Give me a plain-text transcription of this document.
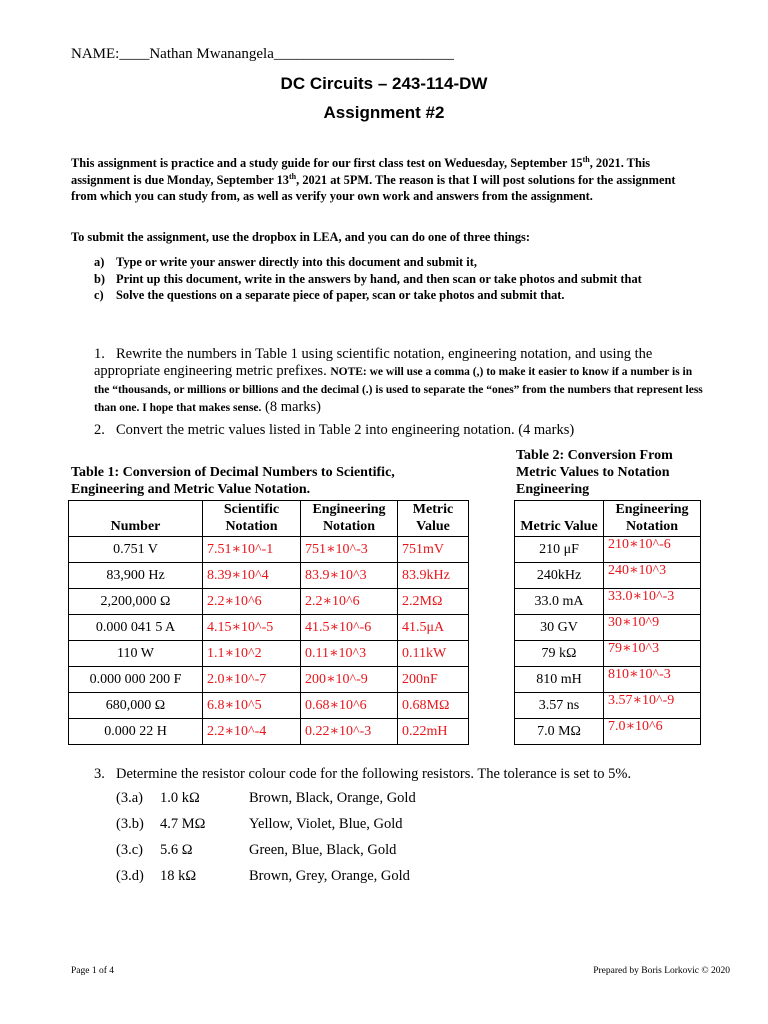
NAME:____Nathan Mwanangela________________________
DC Circuits – 243-114-DW
Assignment #2
This assignment is practice and a study guide for our first class test on Weduesday, September 15th, 2021. This assignment is due Monday, September 13th, 2021 at 5PM. The reason is that I will post solutions for the assignment from which you can study from, as well as verify your own work and answers from the assignment.
To submit the assignment, use the dropbox in LEA, and you can do one of three things:
a) Type or write your answer directly into this document and submit it,
b) Print up this document, write in the answers by hand, and then scan or take photos and submit that
c) Solve the questions on a separate piece of paper, scan or take photos and submit that.
1. Rewrite the numbers in Table 1 using scientific notation, engineering notation, and using the appropriate engineering metric prefixes. NOTE: we will use a comma (,) to make it easier to know if a number is in the “thousands, or millions or billions and the decimal (.) is used to separate the “ones” from the numbers that represent less than one. I hope that makes sense. (8 marks)
2. Convert the metric values listed in Table 2 into engineering notation. (4 marks)
Table 1: Conversion of Decimal Numbers to Scientific, Engineering and Metric Value Notation.
Table 2: Conversion From Metric Values to Notation Engineering
Number	Scientific Notation	Engineering Notation	Metric Value
0.751 V	7.51∗10^-1	751∗10^-3	751mV
83,900 Hz	8.39∗10^4	83.9∗10^3	83.9kHz
2,200,000 Ω	2.2∗10^6	2.2∗10^6	2.2MΩ
0.000 041 5 A	4.15∗10^-5	41.5∗10^-6	41.5μA
110 W	1.1∗10^2	0.11∗10^3	0.11kW
0.000 000 200 F	2.0∗10^-7	200∗10^-9	200nF
680,000 Ω	6.8∗10^5	0.68∗10^6	0.68MΩ
0.000 22 H	2.2∗10^-4	0.22∗10^-3	0.22mH
Metric Value	Engineering Notation
210 μF	210∗10^-6
240kHz	240∗10^3
33.0 mA	33.0∗10^-3
30 GV	30∗10^9
79 kΩ	79∗10^3
810 mH	810∗10^-3
3.57 ns	3.57∗10^-9
7.0 MΩ	7.0∗10^6
3. Determine the resistor colour code for the following resistors. The tolerance is set to 5%.
(3.a) 1.0 kΩ	Brown, Black, Orange, Gold
(3.b) 4.7 MΩ	Yellow, Violet, Blue, Gold
(3.c) 5.6 Ω	Green, Blue, Black, Gold
(3.d) 18 kΩ	Brown, Grey, Orange, Gold
Page 1 of 4	Prepared by Boris Lorkovic © 2020
